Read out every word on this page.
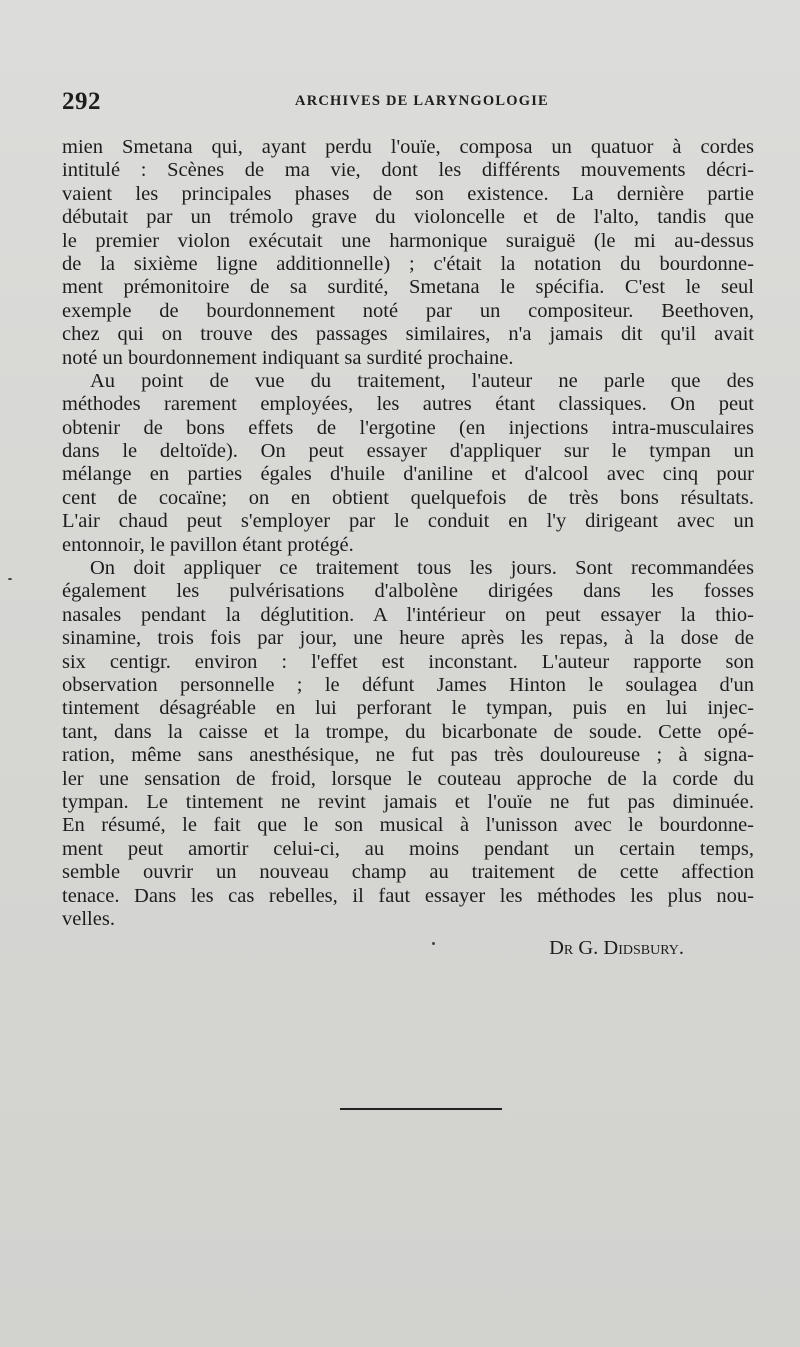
292	ARCHIVES DE LARYNGOLOGIE
mien Smetana qui, ayant perdu l'ouïe, composa un quatuor à cordes
intitulé : Scènes de ma vie, dont les différents mouvements décri-
vaient les principales phases de son existence. La dernière partie
débutait par un trémolo grave du violoncelle et de l'alto, tandis que
le premier violon exécutait une harmonique suraiguë (le mi au-dessus
de la sixième ligne additionnelle) ; c'était la notation du bourdonne-
ment prémonitoire de sa surdité, Smetana le spécifia. C'est le seul
exemple de bourdonnement noté par un compositeur. Beethoven,
chez qui on trouve des passages similaires, n'a jamais dit qu'il avait
noté un bourdonnement indiquant sa surdité prochaine.
Au point de vue du traitement, l'auteur ne parle que des
méthodes rarement employées, les autres étant classiques. On peut
obtenir de bons effets de l'ergotine (en injections intra-musculaires
dans le deltoïde). On peut essayer d'appliquer sur le tympan un
mélange en parties égales d'huile d'aniline et d'alcool avec cinq pour
cent de cocaïne; on en obtient quelquefois de très bons résultats.
L'air chaud peut s'employer par le conduit en l'y dirigeant avec un
entonnoir, le pavillon étant protégé.
On doit appliquer ce traitement tous les jours. Sont recommandées
également les pulvérisations d'albolène dirigées dans les fosses
nasales pendant la déglutition. A l'intérieur on peut essayer la thio-
sinamine, trois fois par jour, une heure après les repas, à la dose de
six centigr. environ : l'effet est inconstant. L'auteur rapporte son
observation personnelle ; le défunt James Hinton le soulagea d'un
tintement désagréable en lui perforant le tympan, puis en lui injec-
tant, dans la caisse et la trompe, du bicarbonate de soude. Cette opé-
ration, même sans anesthésique, ne fut pas très douloureuse ; à signa-
ler une sensation de froid, lorsque le couteau approche de la corde du
tympan. Le tintement ne revint jamais et l'ouïe ne fut pas diminuée.
En résumé, le fait que le son musical à l'unisson avec le bourdonne-
ment peut amortir celui-ci, au moins pendant un certain temps,
semble ouvrir un nouveau champ au traitement de cette affection
tenace. Dans les cas rebelles, il faut essayer les méthodes les plus nou-
velles.
Dr G. Didsbury.
